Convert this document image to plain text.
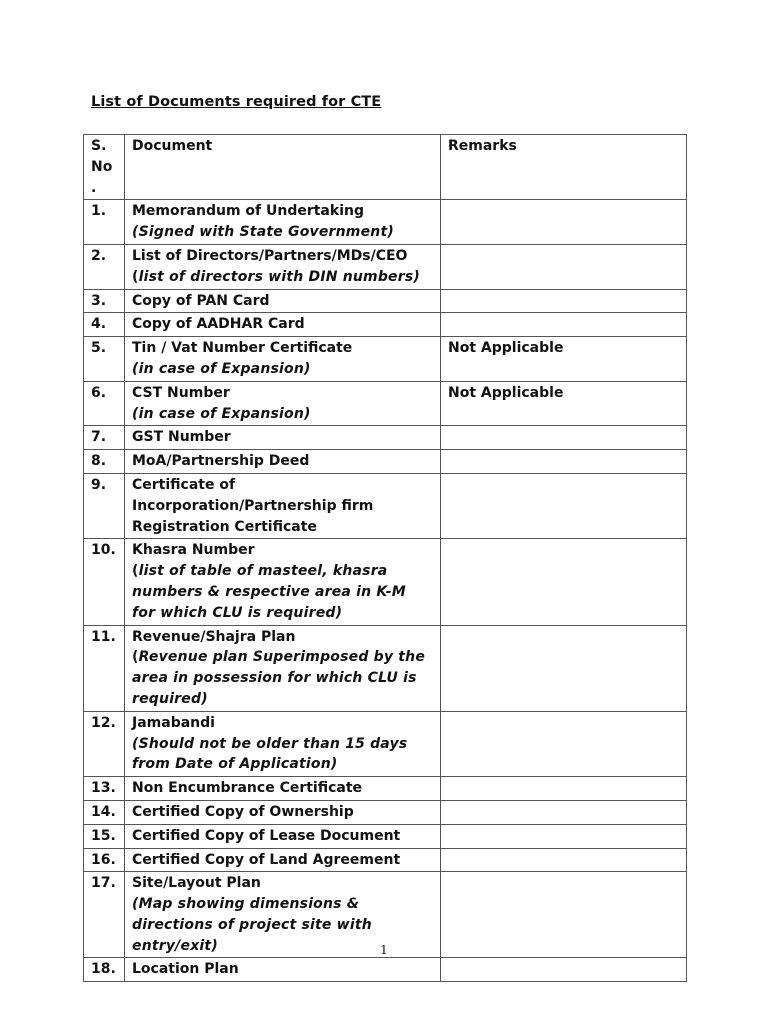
List of Documents required for CTE
S. No .	Document	Remarks
1.	Memorandum of Undertaking
(Signed with State Government)	

2.	List of Directors/Partners/MDs/CEO
(list of directors with DIN numbers)	

3.	Copy of PAN Card	
4.	Copy of AADHAR Card	
5.	Tin / Vat Number Certificate
(in case of Expansion)	Not Applicable
6.	CST Number
(in case of Expansion)	Not Applicable
7.	GST Number	
8.	MoA/Partnership Deed	
9.	Certificate of Incorporation/Partnership firm Registration Certificate	
10.	Khasra Number
(list of table of masteel, khasra numbers & respective area in K-M for which CLU is required)	

11.	Revenue/Shajra Plan
(Revenue plan Superimposed by the area in possession for which CLU is required)	

12.	Jamabandi
(Should not be older than 15 days from Date of Application)	

13.	Non Encumbrance Certificate	
14.	Certified Copy of Ownership	
15.	Certified Copy of Lease Document	
16.	Certified Copy of Land Agreement	
17.	Site/Layout Plan
(Map showing dimensions & directions of project site with entry/exit)	

18.	Location Plan	
1
